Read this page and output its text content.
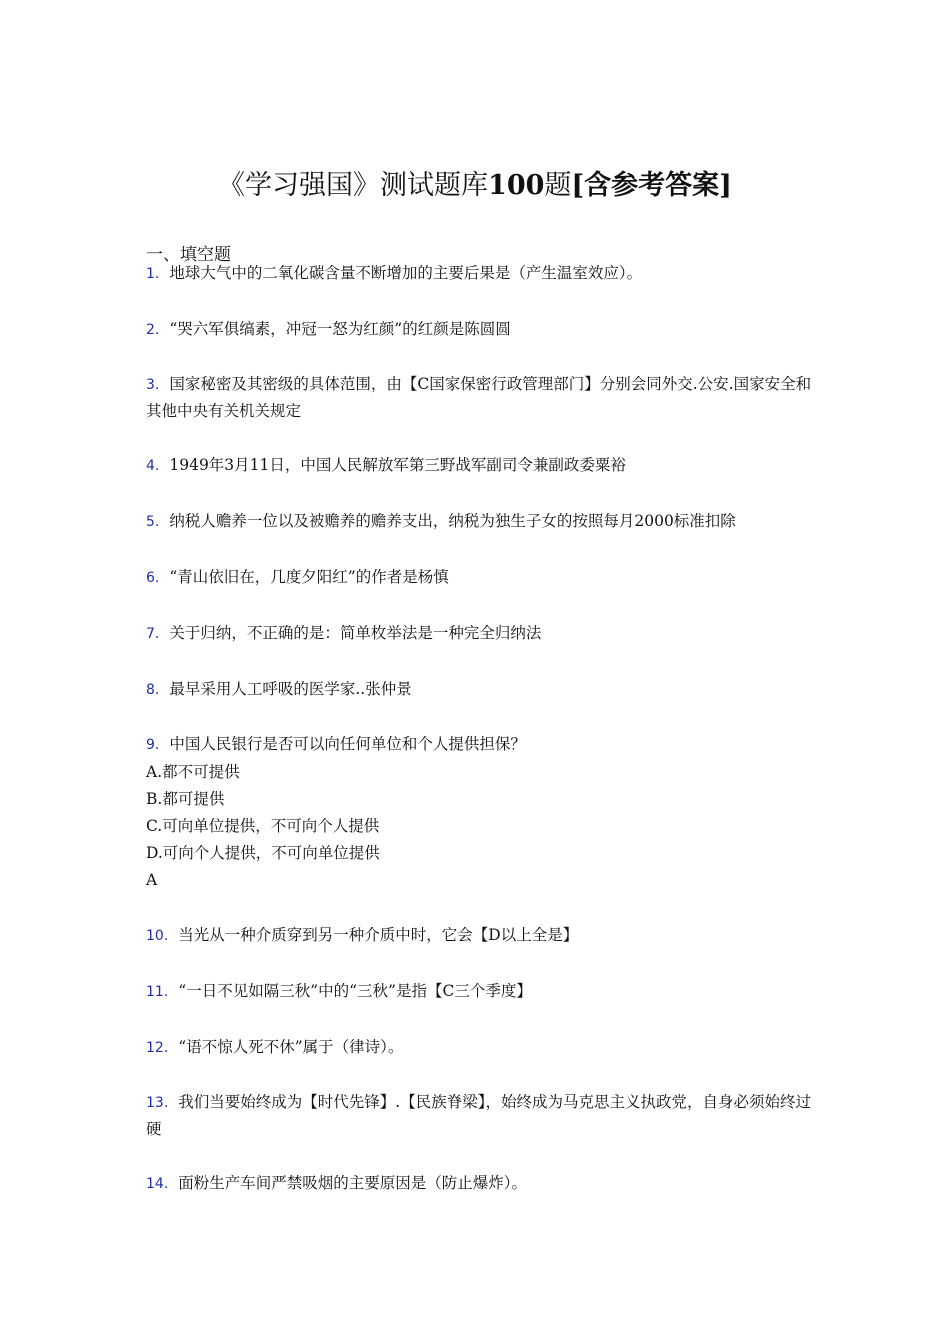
《学习强国》测试题库100题[含参考答案]
一、填空题
1. 地球大气中的二氧化碳含量不断增加的主要后果是（产生温室效应）。
2. “哭六军俱缟素，冲冠一怒为红颜”的红颜是陈圆圆
3. 国家秘密及其密级的具体范围，由【C国家保密行政管理部门】分别会同外交.公安.国家安全和其他中央有关机关规定
4. 1949年3月11日，中国人民解放军第三野战军副司令兼副政委粟裕
5. 纳税人赡养一位以及被赡养的赡养支出，纳税为独生子女的按照每月2000标准扣除
6. “青山依旧在，几度夕阳红”的作者是杨慎
7. 关于归纳，不正确的是：简单枚举法是一种完全归纳法
8. 最早采用人工呼吸的医学家..张仲景
9. 中国人民银行是否可以向任何单位和个人提供担保？
A.都不可提供
B.都可提供
C.可向单位提供，不可向个人提供
D.可向个人提供，不可向单位提供
A
10. 当光从一种介质穿到另一种介质中时，它会【D以上全是】
11. “一日不见如隔三秋”中的“三秋”是指【C三个季度】
12. “语不惊人死不休”属于（律诗）。
13. 我们当要始终成为【时代先锋】.【民族脊梁】，始终成为马克思主义执政党，自身必须始终过硬
14. 面粉生产车间严禁吸烟的主要原因是（防止爆炸）。
